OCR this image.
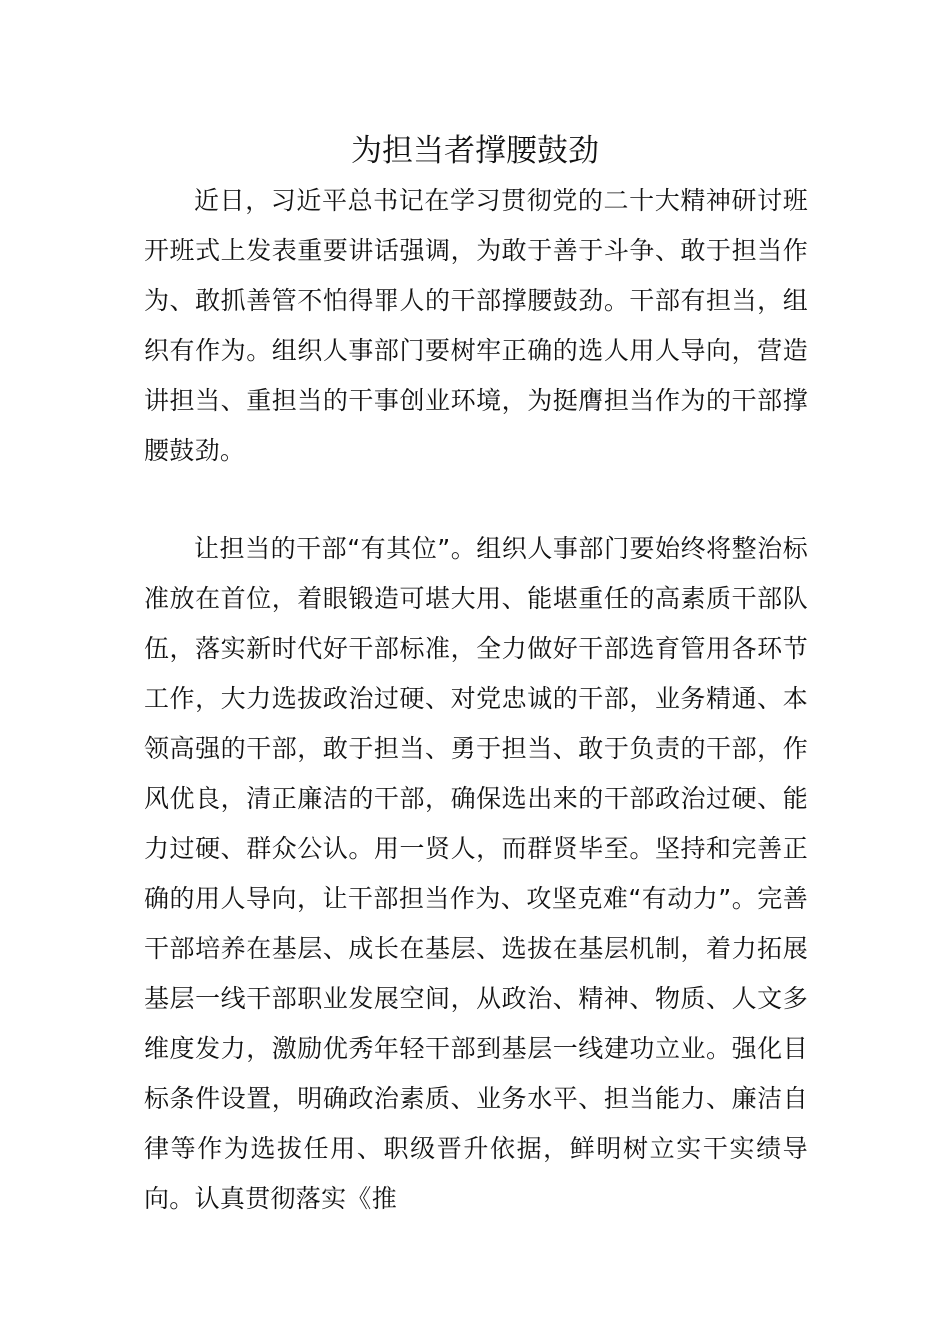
为担当者撑腰鼓劲

近日，习近平总书记在学习贯彻党的二十大精神研讨班开班式上发表重要讲话强调，为敢于善于斗争、敢于担当作为、敢抓善管不怕得罪人的干部撑腰鼓劲。干部有担当，组织有作为。组织人事部门要树牢正确的选人用人导向，营造讲担当、重担当的干事创业环境，为挺膺担当作为的干部撑腰鼓劲。

让担当的干部“有其位”。组织人事部门要始终将整治标准放在首位，着眼锻造可堪大用、能堪重任的高素质干部队伍，落实新时代好干部标准，全力做好干部选育管用各环节工作，大力选拔政治过硬、对党忠诚的干部，业务精通、本领高强的干部，敢于担当、勇于担当、敢于负责的干部，作风优良，清正廉洁的干部，确保选出来的干部政治过硬、能力过硬、群众公认。用一贤人，而群贤毕至。坚持和完善正确的用人导向，让干部担当作为、攻坚克难“有动力”。完善干部培养在基层、成长在基层、选拔在基层机制，着力拓展基层一线干部职业发展空间，从政治、精神、物质、人文多维度发力，激励优秀年轻干部到基层一线建功立业。强化目标条件设置，明确政治素质、业务水平、担当能力、廉洁自律等作为选拔任用、职级晋升依据，鲜明树立实干实绩导向。认真贯彻落实《推
